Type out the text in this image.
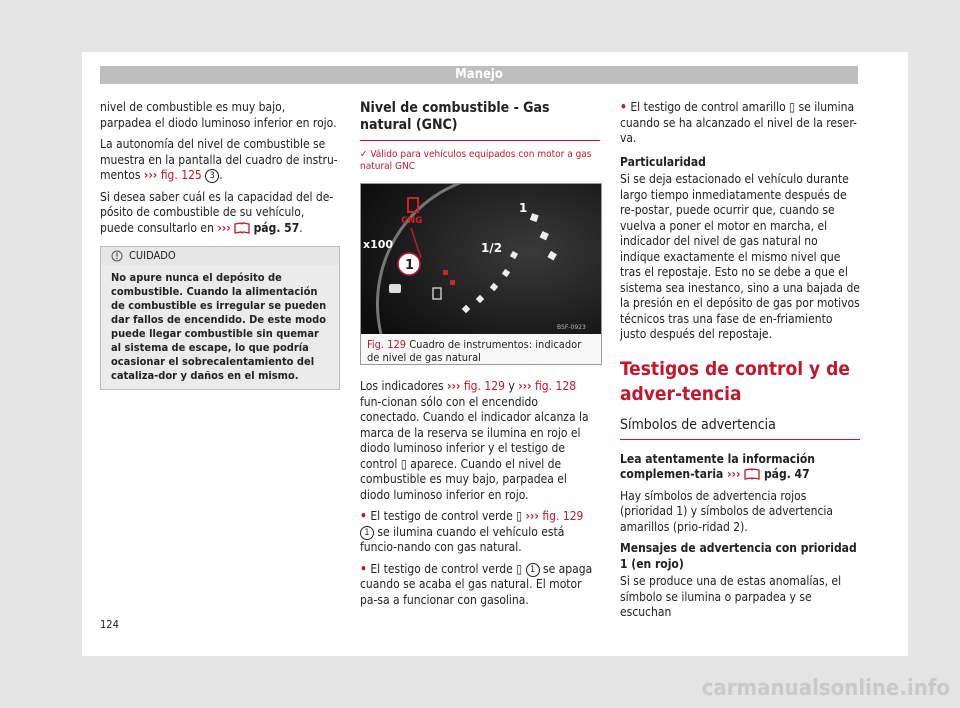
Manejo

nivel de combustible es muy bajo, parpadea el diodo luminoso inferior en rojo.

La autonomía del nivel de combustible se muestra en la pantalla del cuadro de instru-mentos ››› fig. 125 3 .

Si desea saber cuál es la capacidad del de-pósito de combustible de su vehículo, puede consultarlo en ››› pág. 57.

CUIDADO
No apure nunca el depósito de combustible. Cuando la alimentación de combustible es irregular se pueden dar fallos de encendido. De este modo puede llegar combustible sin quemar al sistema de escape, lo que podría ocasionar el sobrecalentamiento del cataliza-dor y daños en el mismo.
Nivel de combustible - Gas natural (GNC)
✓ Válido para vehículos equipados con motor a gas natural GNC
1
1/2
x100
CNG
1
B5F-0923
Fig. 129 Cuadro de instrumentos: indicador de nivel de gas natural

Los indicadores ››› fig. 129 y ››› fig. 128 fun-cionan sólo con el encendido conectado. Cuando el indicador alcanza la marca de la reserva se ilumina en rojo el diodo luminoso inferior y el testigo de control ▯ aparece. Cuando el nivel de combustible es muy bajo, parpadea el diodo luminoso inferior en rojo.

• El testigo de control verde ▯ ››› fig. 129 1 se ilumina cuando el vehículo está funcio-nando con gas natural.

• El testigo de control verde ▯ 1 se apaga cuando se acaba el gas natural. El motor pa-sa a funcionar con gasolina.

• El testigo de control amarillo ▯ se ilumina cuando se ha alcanzado el nivel de la reser-va.

Particularidad

Si se deja estacionado el vehículo durante largo tiempo inmediatamente después de re-postar, puede ocurrir que, cuando se vuelva a poner el motor en marcha, el indicador del nivel de gas natural no indique exactamente el mismo nivel que tras el repostaje. Esto no se debe a que el sistema sea inestanco, sino a una bajada de la presión en el depósito de gas por motivos técnicos tras una fase de en-friamiento justo después del repostaje.

Testigos de control y de adver-tencia
Símbolos de advertencia

Lea atentamente la información complemen-taria ››› pág. 47

Hay símbolos de advertencia rojos (prioridad 1) y símbolos de advertencia amarillos (prio-ridad 2).

Mensajes de advertencia con prioridad 1 (en rojo)

Si se produce una de estas anomalías, el símbolo se ilumina o parpadea y se escuchan

124
carmanualsonline.info
